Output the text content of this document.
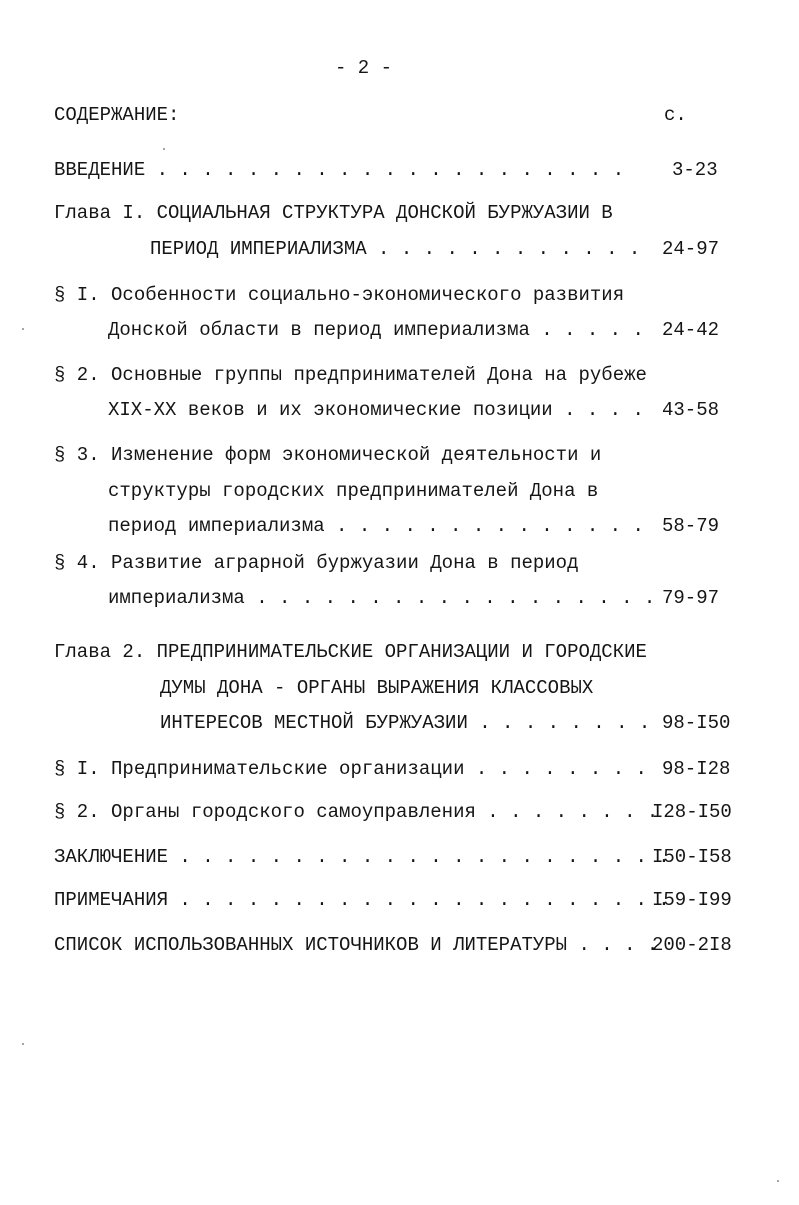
- 2 -
СОДЕРЖАНИЕ:	с.
ВВЕДЕНИЕ . . . . . . . . . . . . . . . . . . . . .	3-23
Глава I. СОЦИАЛЬНАЯ СТРУКТУРА ДОНСКОЙ БУРЖУАЗИИ В
ПЕРИОД ИМПЕРИАЛИЗМА . . . . . . . . . . . . 24-97
§ I. Особенности социально-экономического развития
Донской области в период империализма . . . . . 24-42
§ 2. Основные группы предпринимателей Дона на рубеже
XIX-XX веков и их экономические позиции . . . . 43-58
§ 3. Изменение форм экономической деятельности и
структуры городских предпринимателей Дона в
период империализма . . . . . . . . . . . . . . 58-79
§ 4. Развитие аграрной буржуазии Дона в период
империализма . . . . . . . . . . . . . . . . . . 79-97
Глава 2. ПРЕДПРИНИМАТЕЛЬСКИЕ ОРГАНИЗАЦИИ И ГОРОДСКИЕ
ДУМЫ ДОНА - ОРГАНЫ ВЫРАЖЕНИЯ КЛАССОВЫХ
ИНТЕРЕСОВ МЕСТНОЙ БУРЖУАЗИИ . . . . . . . . 98-I50
§ I. Предпринимательские организации . . . . . . . . 98-I28
§ 2. Органы городского самоуправления . . . . . . . .
I28-I50
ЗАКЛЮЧЕНИЕ . . . . . . . . . . . . . . . . . . . . . .
I50-I58
ПРИМЕЧАНИЯ . . . . . . . . . . . . . . . . . . . . . .
I59-I99
СПИСОК ИСПОЛЬЗОВАННЫХ ИСТОЧНИКОВ И ЛИТЕРАТУРЫ . . . .
200-2I8
